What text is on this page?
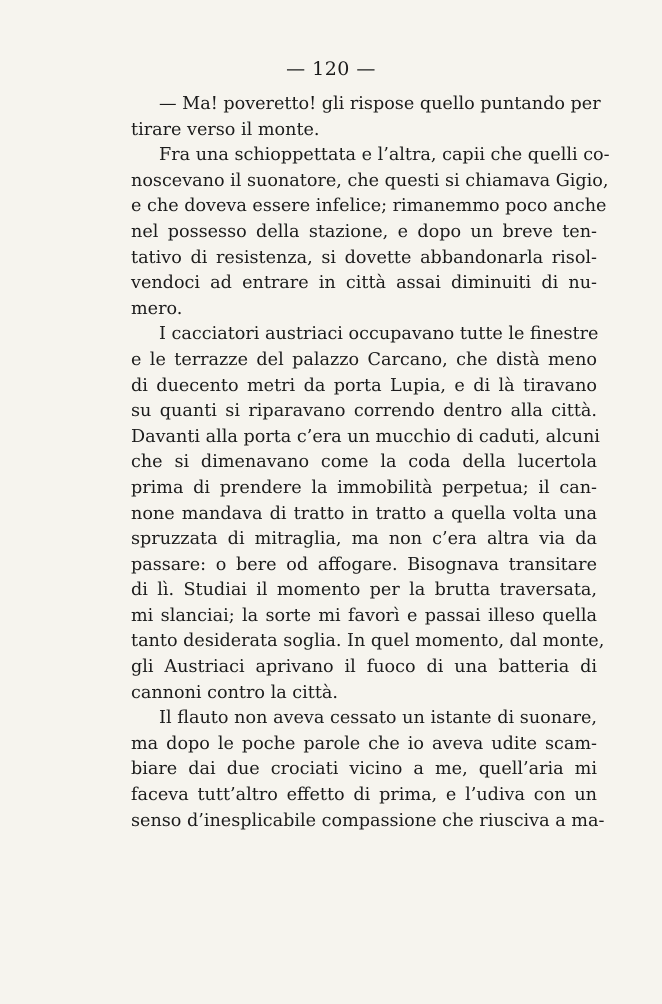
— 120 —
— Ma! poveretto! gli rispose quello puntando per
tirare verso il monte.
Fra una schioppettata e l’altra, capii che quelli co-
noscevano il suonatore, che questi si chiamava Gigio,
e che doveva essere infelice; rimanemmo poco anche
nel possesso della stazione, e dopo un breve ten-
tativo di resistenza, si dovette abbandonarla risol-
vendoci ad entrare in città assai diminuiti di nu-
mero.
I cacciatori austriaci occupavano tutte le finestre
e le terrazze del palazzo Carcano, che distà meno
di duecento metri da porta Lupia, e di là tiravano
su quanti si riparavano correndo dentro alla città.
Davanti alla porta c’era un mucchio di caduti, alcuni
che si dimenavano come la coda della lucertola
prima di prendere la immobilità perpetua; il can-
none mandava di tratto in tratto a quella volta una
spruzzata di mitraglia, ma non c’era altra via da
passare: o bere od affogare. Bisognava transitare
di lì. Studiai il momento per la brutta traversata,
mi slanciai; la sorte mi favorì e passai illeso quella
tanto desiderata soglia. In quel momento, dal monte,
gli Austriaci aprivano il fuoco di una batteria di
cannoni contro la città.
Il flauto non aveva cessato un istante di suonare,
ma dopo le poche parole che io aveva udite scam-
biare dai due crociati vicino a me, quell’aria mi
faceva tutt’altro effetto di prima, e l’udiva con un
senso d’inesplicabile compassione che riusciva a ma-
